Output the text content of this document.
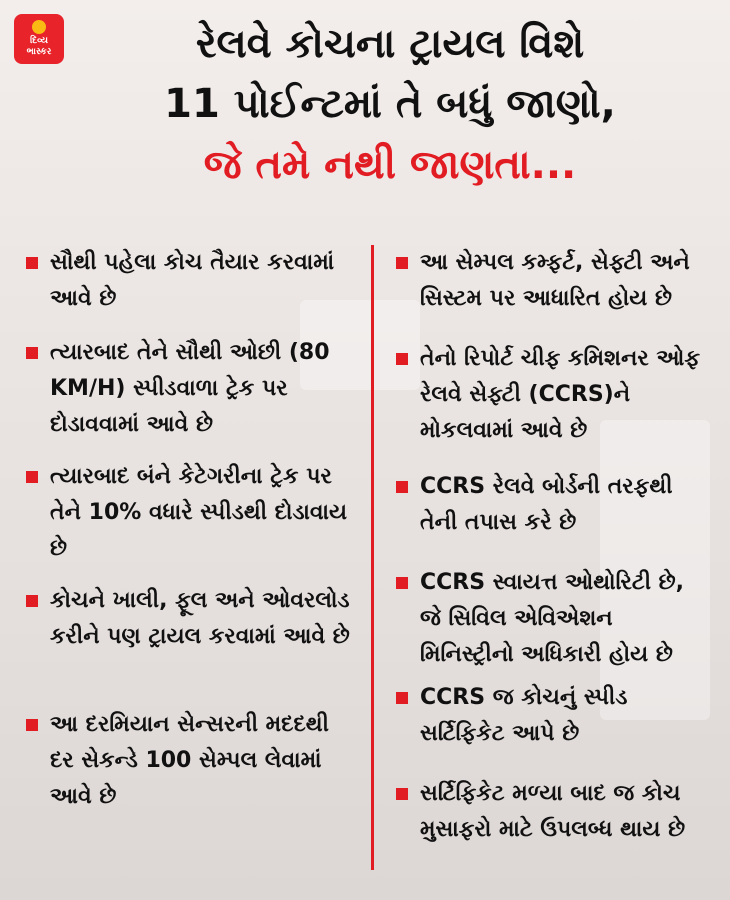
દિવ્ય
ભાસ્કર	રેલવે કોચના ટ્રાયલ વિશે
11 પોઈન્ટમાં તે બધું જાણો,
જે તમે નથી જાણતા...
સૌથી પહેલા કોચ તૈયાર કરવામાં આવે છે
ત્યારબાદ તેને સૌથી ઓછી (80 KM/H) સ્પીડવાળા ટ્રેક પર દોડાવવામાં આવે છે
ત્યારબાદ બંને કેટેગરીના ટ્રેક પર તેને 10% વધારે સ્પીડથી દોડાવાય છે
કોચને ખાલી, ફૂલ અને ઓવરલોડ કરીને પણ ટ્રાયલ કરવામાં આવે છે
આ દરમિયાન સેન્સરની મદદથી દર સેકન્ડે 100 સેમ્પલ લેવામાં આવે છે
આ સેમ્પલ કમ્ફર્ટ, સેફ્ટી અને સિસ્ટમ પર આધારિત હોય છે
તેનો રિપોર્ટ ચીફ કમિશનર ઓફ રેલવે સેફ્ટી (CCRS)ને મોકલવામાં આવે છે
CCRS રેલવે બોર્ડની તરફથી તેની તપાસ કરે છે
CCRS સ્વાયત્ત ઓથોરિટી છે, જે સિવિલ એવિએશન મિનિસ્ટ્રીનો અધિકારી હોય છે
CCRS જ કોચનું સ્પીડ સર્ટિફિકેટ આપે છે
સર્ટિફિકેટ મળ્યા બાદ જ કોચ મુસાફરો માટે ઉપલબ્ધ થાય છે
